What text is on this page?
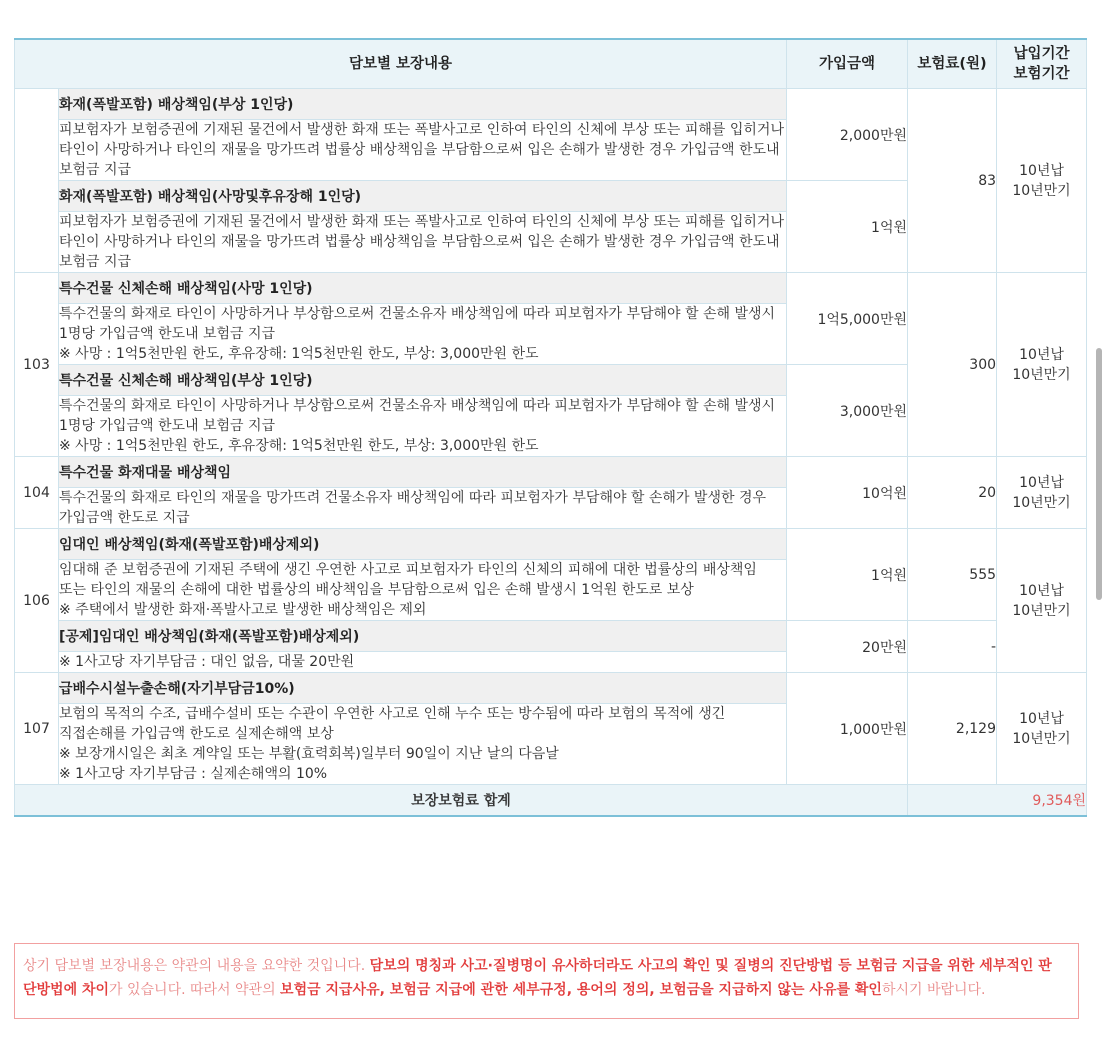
담보별 보장내용		가입금액	보험료(원)	납입기간
보험기간

	화재(폭발포함) 배상책임(부상 1인당)	2,000만원	83	10년납
10년만기

	피보험자가 보험증권에 기재된 물건에서 발생한 화재 또는 폭발사고로 인하여 타인의 신체에 부상 또는 피해를 입히거나 타인이 사망하거나 타인의 재물을 망가뜨려 법률상 배상책임을 부담함으로써 입은 손해가 발생한 경우 가입금액 한도내 보험금 지급			

	화재(폭발포함) 배상책임(사망및후유장해 1인당)	1억원		

	피보험자가 보험증권에 기재된 물건에서 발생한 화재 또는 폭발사고로 인하여 타인의 신체에 부상 또는 피해를 입히거나 타인이 사망하거나 타인의 재물을 망가뜨려 법률상 배상책임을 부담함으로써 입은 손해가 발생한 경우 가입금액 한도내 보험금 지급			

103	특수건물 신체손해 배상책임(사망 1인당)	1억5,000만원	300	10년납
10년만기

	특수건물의 화재로 타인이 사망하거나 부상함으로써 건물소유자 배상책임에 따라 피보험자가 부담해야 할 손해 발생시 1명당 가입금액 한도내 보험금 지급
※ 사망 : 1억5천만원 한도, 후유장해: 1억5천만원 한도, 부상: 3,000만원 한도			

	특수건물 신체손해 배상책임(부상 1인당)	3,000만원		

	특수건물의 화재로 타인이 사망하거나 부상함으로써 건물소유자 배상책임에 따라 피보험자가 부담해야 할 손해 발생시 1명당 가입금액 한도내 보험금 지급
※ 사망 : 1억5천만원 한도, 후유장해: 1억5천만원 한도, 부상: 3,000만원 한도			

104	특수건물 화재대물 배상책임	10억원	20	10년납
10년만기

	특수건물의 화재로 타인의 재물을 망가뜨려 건물소유자 배상책임에 따라 피보험자가 부담해야 할 손해가 발생한 경우 가입금액 한도로 지급			

106	임대인 배상책임(화재(폭발포함)배상제외)	1억원	555	10년납
10년만기

	임대해 준 보험증권에 기재된 주택에 생긴 우연한 사고로 피보험자가 타인의 신체의 피해에 대한 법률상의 배상책임 또는 타인의 재물의 손해에 대한 법률상의 배상책임을 부담함으로써 입은 손해 발생시 1억원 한도로 보상
※ 주택에서 발생한 화재·폭발사고로 발생한 배상책임은 제외			

	[공제]임대인 배상책임(화재(폭발포함)배상제외)	20만원	-	

	※ 1사고당 자기부담금 : 대인 없음, 대물 20만원			

107	급배수시설누출손해(자기부담금10%)	1,000만원	2,129	10년납
10년만기

	보험의 목적의 수조, 급배수설비 또는 수관이 우연한 사고로 인해 누수 또는 방수됨에 따라 보험의 목적에 생긴 직접손해를 가입금액 한도로 실제손해액 보상
※ 보장개시일은 최초 계약일 또는 부활(효력회복)일부터 90일이 지난 날의 다음날
※ 1사고당 자기부담금 : 실제손해액의 10%			

보장보험료 합계			9,354원	
상기 담보별 보장내용은 약관의 내용을 요약한 것입니다. 담보의 명칭과 사고·질병명이 유사하더라도 사고의 확인 및 질병의 진단방법 등 보험금 지급을 위한 세부적인 판단방법에 차이가 있습니다. 따라서 약관의 보험금 지급사유, 보험금 지급에 관한 세부규정, 용어의 정의, 보험금을 지급하지 않는 사유를 확인하시기 바랍니다.
